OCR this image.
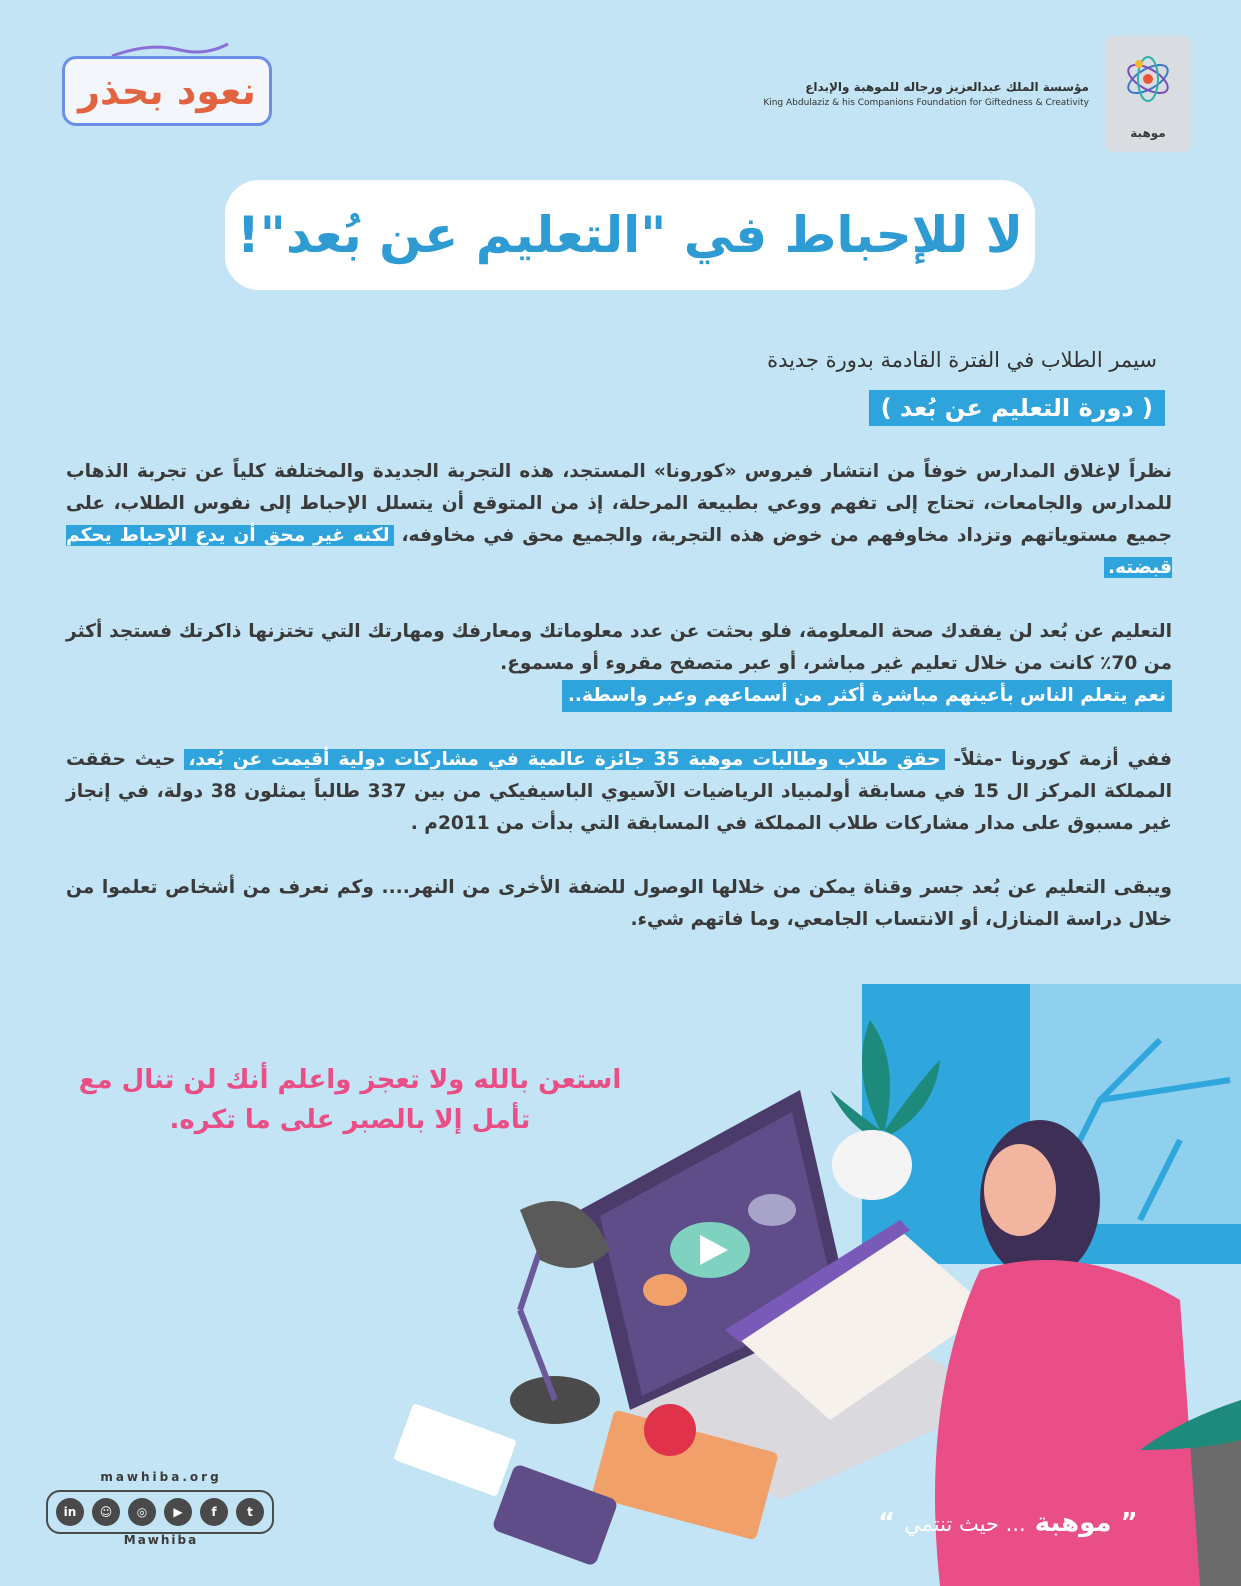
نعود بحذر
موهبة
مؤسسة الملك عبدالعزيز ورجاله للموهبة والإبداع
King Abdulaziz & his Companions Foundation for Giftedness & Creativity
لا للإحباط في "التعليم عن بُعد"!
سيمر الطلاب في الفترة القادمة بدورة جديدة
( دورة التعليم عن بُعد )
نظراً لإغلاق المدارس خوفاً من انتشار فيروس «كورونا» المستجد، هذه التجربة الجديدة والمختلفة كلياً عن تجربة الذهاب للمدارس والجامعات، تحتاج إلى تفهم ووعي بطبيعة المرحلة، إذ من المتوقع أن يتسلل الإحباط إلى نفوس الطلاب، على جميع مستوياتهم وتزداد مخاوفهم من خوض هذه التجربة، والجميع محق في مخاوفه، لكنه غير محق أن يدع الإحباط يحكم قبضته.
التعليم عن بُعد لن يفقدك صحة المعلومة، فلو بحثت عن عدد معلوماتك ومعارفك ومهارتك التي تختزنها ذاكرتك فستجد أكثر من 70٪ كانت من خلال تعليم غير مباشر، أو عبر متصفح مقروء أو مسموع.
نعم يتعلم الناس بأعينهم مباشرة أكثر من أسماعهم وعبر واسطة..
ففي أزمة كورونا -مثلاً- حقق طلاب وطالبات موهبة 35 جائزة عالمية في مشاركات دولية أقيمت عن بُعد، حيث حققت المملكة المركز ال 15 في مسابقة أولمبياد الرياضيات الآسيوي الباسيفيكي من بين 337 طالباً يمثلون 38 دولة، في إنجاز غير مسبوق على مدار مشاركات طلاب المملكة في المسابقة التي بدأت من 2011م .
ويبقى التعليم عن بُعد جسر وقناة يمكن من خلالها الوصول للضفة الأخرى من النهر.... وكم نعرف من أشخاص تعلموا من خلال دراسة المنازل، أو الانتساب الجامعي، وما فاتهم شيء.
استعن بالله ولا تعجز واعلم أنك لن تنال مع
تأمل إلا بالصبر على ما تكره.
” موهبة ... حيث تنتمي “
mawhiba.org
in	☺	◎	▶	f	t
Mawhiba
